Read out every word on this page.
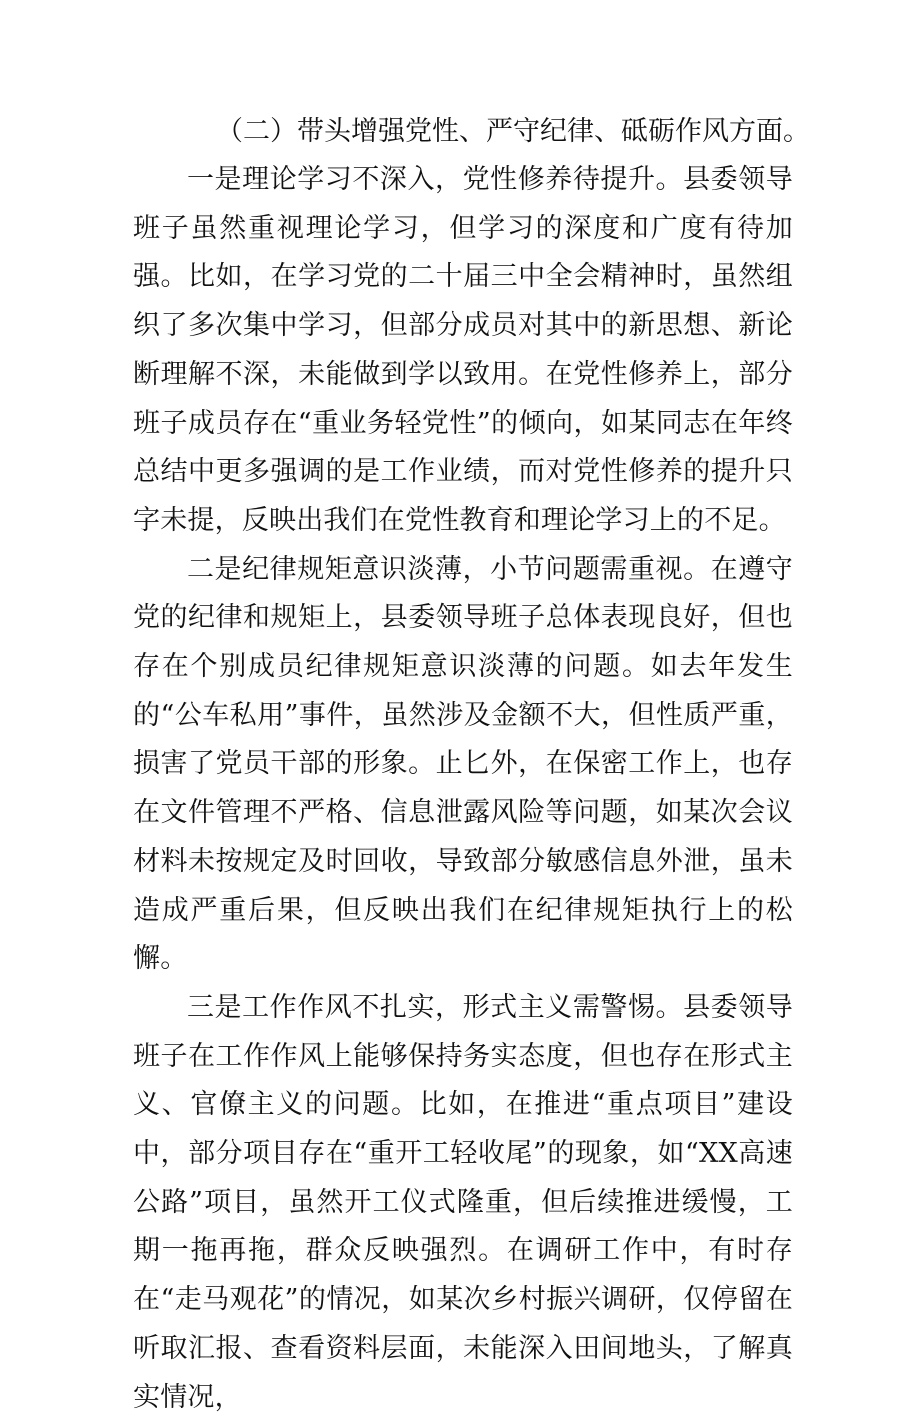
（二）带头增强党性、严守纪律、砥砺作风方面。

一是理论学习不深入，党性修养待提升。县委领导班子虽然重视理论学习，但学习的深度和广度有待加强。比如，在学习党的二十届三中全会精神时，虽然组织了多次集中学习，但部分成员对其中的新思想、新论断理解不深，未能做到学以致用。在党性修养上，部分班子成员存在“重业务轻党性”的倾向，如某同志在年终总结中更多强调的是工作业绩，而对党性修养的提升只字未提，反映出我们在党性教育和理论学习上的不足。

二是纪律规矩意识淡薄，小节问题需重视。在遵守党的纪律和规矩上，县委领导班子总体表现良好，但也存在个别成员纪律规矩意识淡薄的问题。如去年发生的“公车私用”事件，虽然涉及金额不大，但性质严重，损害了党员干部的形象。止匕外，在保密工作上，也存在文件管理不严格、信息泄露风险等问题，如某次会议材料未按规定及时回收，导致部分敏感信息外泄，虽未造成严重后果，但反映出我们在纪律规矩执行上的松懈。

三是工作作风不扎实，形式主义需警惕。县委领导班子在工作作风上能够保持务实态度，但也存在形式主义、官僚主义的问题。比如，在推进“重点项目”建设中，部分项目存在“重开工轻收尾”的现象，如“XX高速公路”项目，虽然开工仪式隆重，但后续推进缓慢，工期一拖再拖，群众反映强烈。在调研工作中，有时存在“走马观花”的情况，如某次乡村振兴调研，仅停留在听取汇报、查看资料层面，未能深入田间地头，了解真实情况，
